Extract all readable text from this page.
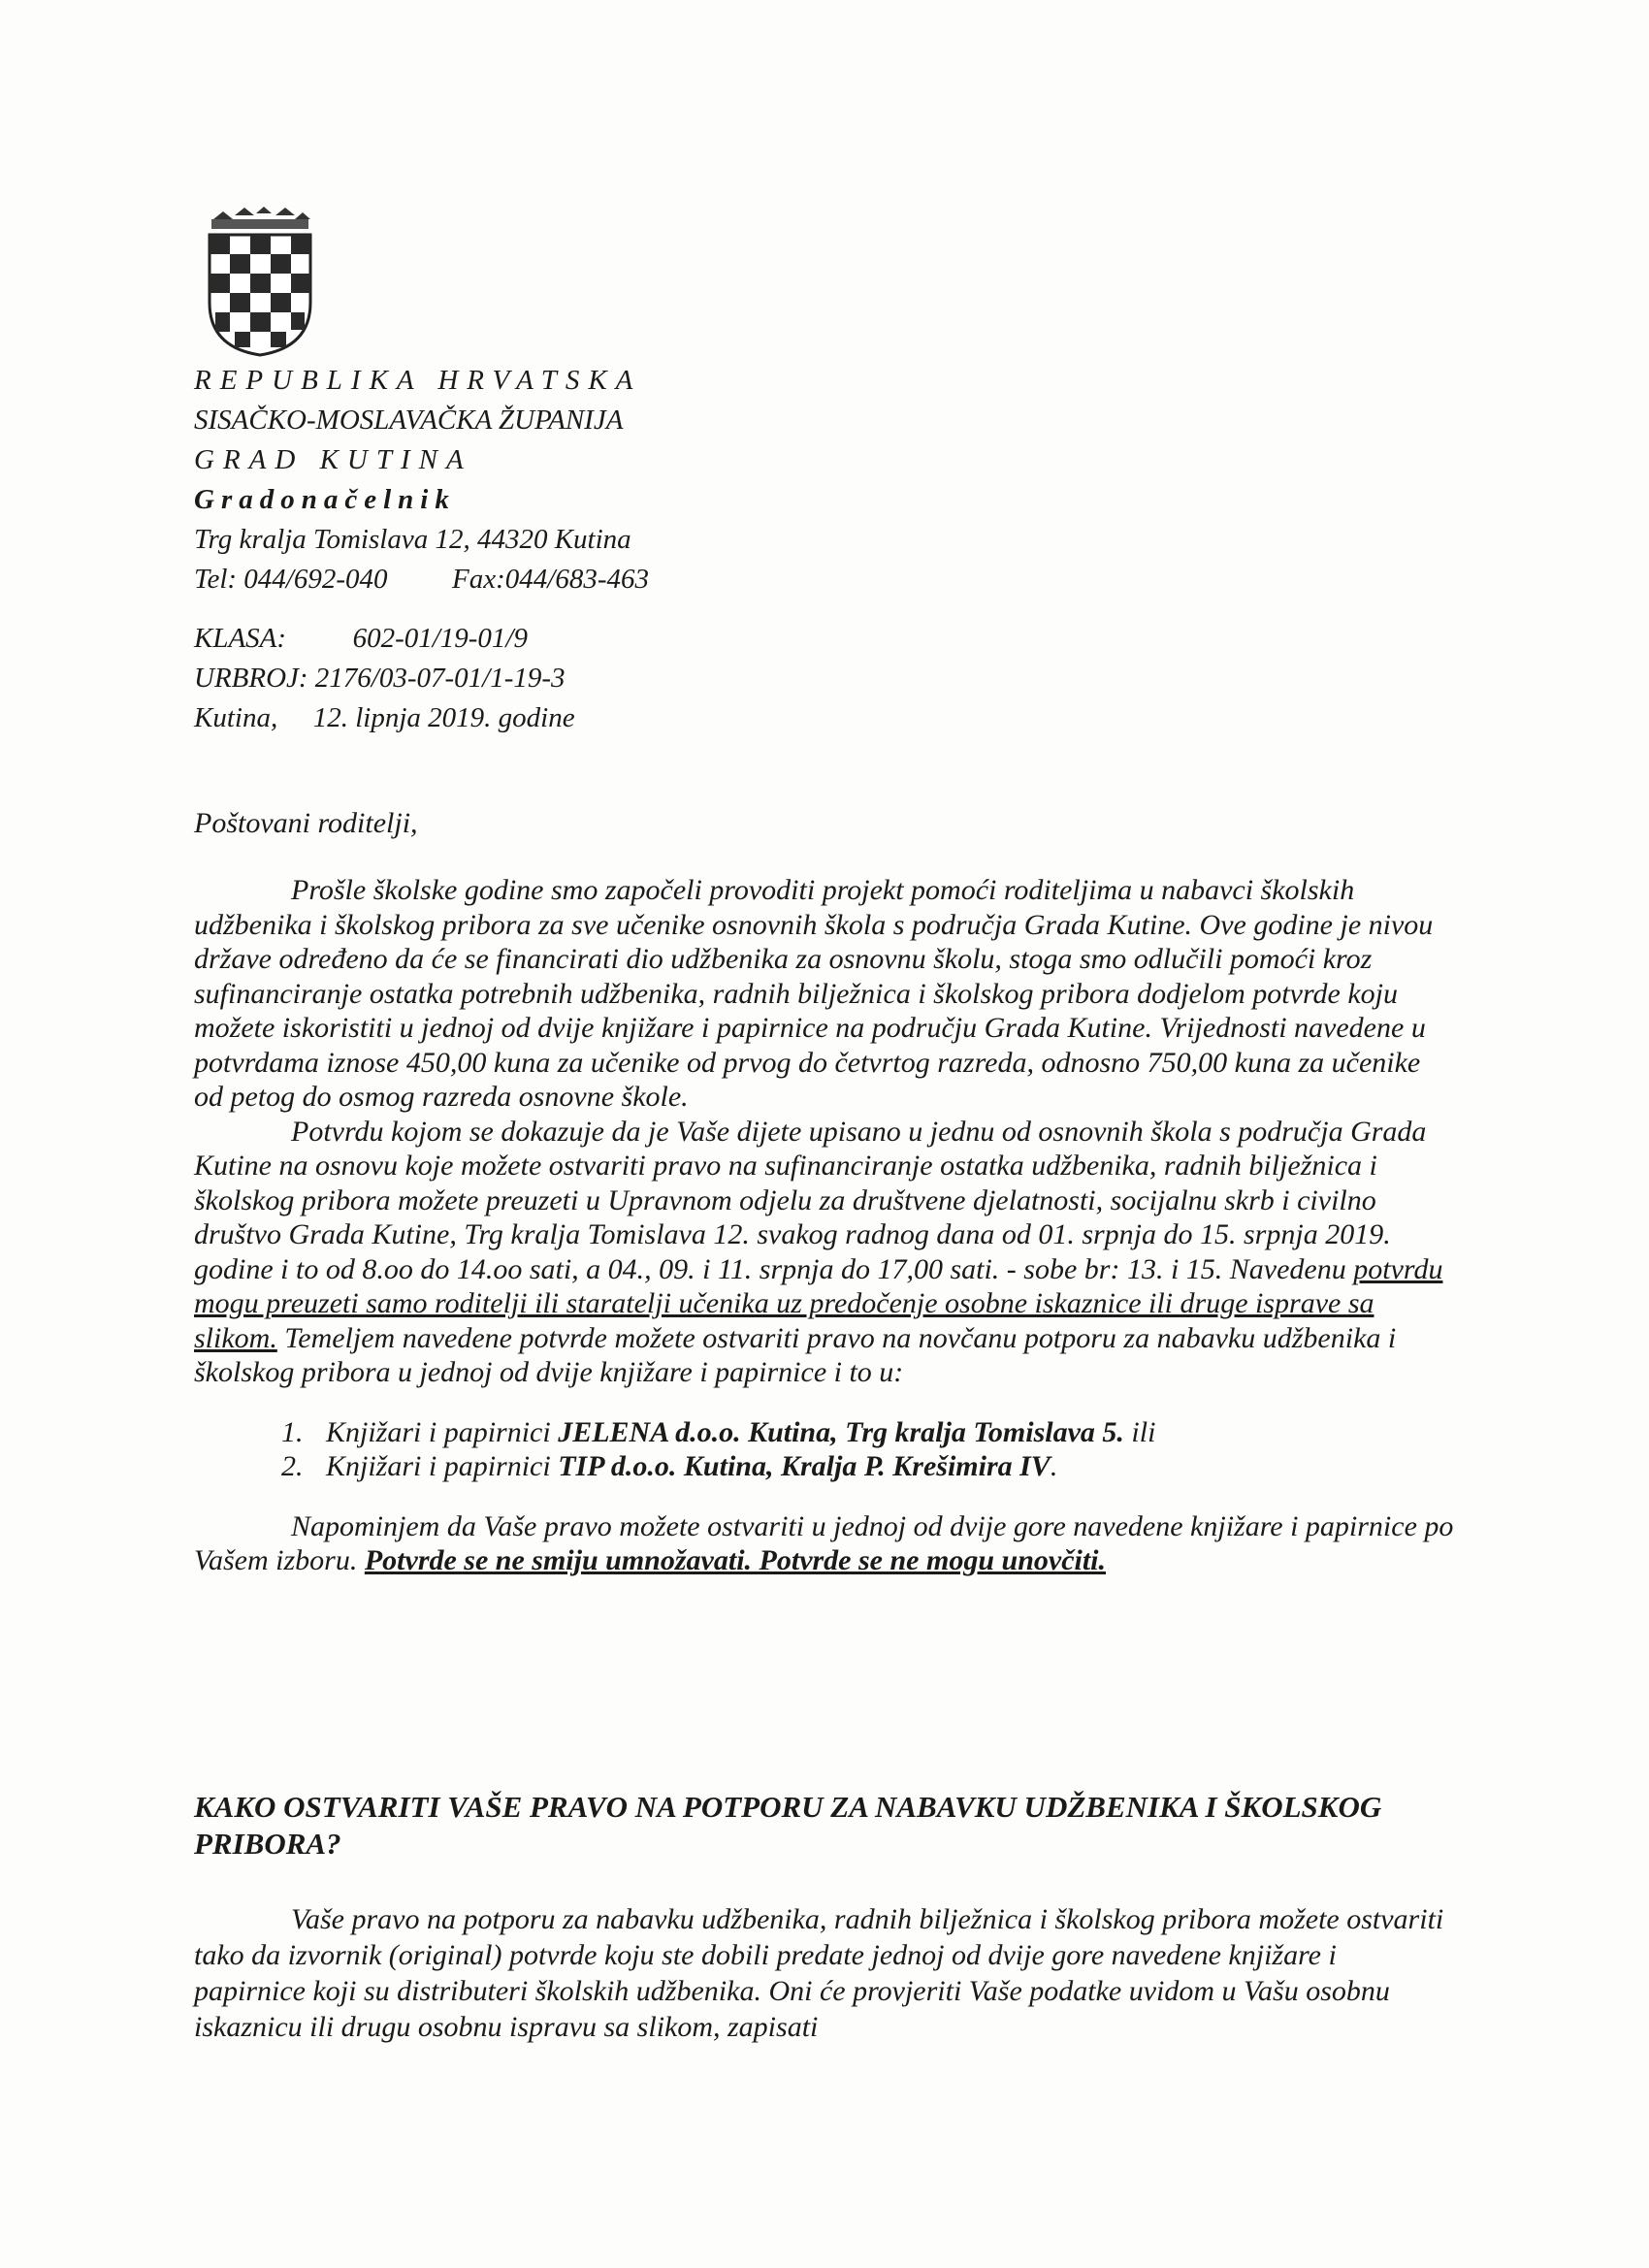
REPUBLIKA HRVATSKA
SISAČKO-MOSLAVAČKA ŽUPANIJA
GRAD KUTINA
Gradonačelnik
Trg kralja Tomislava 12, 44320 Kutina
Tel: 044/692-040 Fax:044/683-463
KLASA: 602-01/19-01/9
URBROJ: 2176/03-07-01/1-19-3
Kutina, 12. lipnja 2019. godine
Poštovani roditelji,

Prošle školske godine smo započeli provoditi projekt pomoći roditeljima u nabavci školskih udžbenika i školskog pribora za sve učenike osnovnih škola s područja Grada Kutine. Ove godine je nivou države određeno da će se financirati dio udžbenika za osnovnu školu, stoga smo odlučili pomoći kroz sufinanciranje ostatka potrebnih udžbenika, radnih bilježnica i školskog pribora dodjelom potvrde koju možete iskoristiti u jednoj od dvije knjižare i papirnice na području Grada Kutine. Vrijednosti navedene u potvrdama iznose 450,00 kuna za učenike od prvog do četvrtog razreda, odnosno 750,00 kuna za učenike od petog do osmog razreda osnovne škole.

Potvrdu kojom se dokazuje da je Vaše dijete upisano u jednu od osnovnih škola s područja Grada Kutine na osnovu koje možete ostvariti pravo na sufinanciranje ostatka udžbenika, radnih bilježnica i školskog pribora možete preuzeti u Upravnom odjelu za društvene djelatnosti, socijalnu skrb i civilno društvo Grada Kutine, Trg kralja Tomislava 12. svakog radnog dana od 01. srpnja do 15. srpnja 2019. godine i to od 8.oo do 14.oo sati, a 04., 09. i 11. srpnja do 17,00 sati. - sobe br: 13. i 15. Navedenu potvrdu mogu preuzeti samo roditelji ili staratelji učenika uz predočenje osobne iskaznice ili druge isprave sa slikom. Temeljem navedene potvrde možete ostvariti pravo na novčanu potporu za nabavku udžbenika i školskog pribora u jednoj od dvije knjižare i papirnice i to u:

1. Knjižari i papirnici JELENA d.o.o. Kutina, Trg kralja Tomislava 5. ili
2. Knjižari i papirnici TIP d.o.o. Kutina, Kralja P. Krešimira IV.

Napominjem da Vaše pravo možete ostvariti u jednoj od dvije gore navedene knjižare i papirnice po Vašem izboru. Potvrde se ne smiju umnožavati. Potvrde se ne mogu unovčiti.

KAKO OSTVARITI VAŠE PRAVO NA POTPORU ZA NABAVKU UDŽBENIKA I ŠKOLSKOG PRIBORA?

Vaše pravo na potporu za nabavku udžbenika, radnih bilježnica i školskog pribora možete ostvariti tako da izvornik (original) potvrde koju ste dobili predate jednoj od dvije gore navedene knjižare i papirnice koji su distributeri školskih udžbenika. Oni će provjeriti Vaše podatke uvidom u Vašu osobnu iskaznicu ili drugu osobnu ispravu sa slikom, zapisati
